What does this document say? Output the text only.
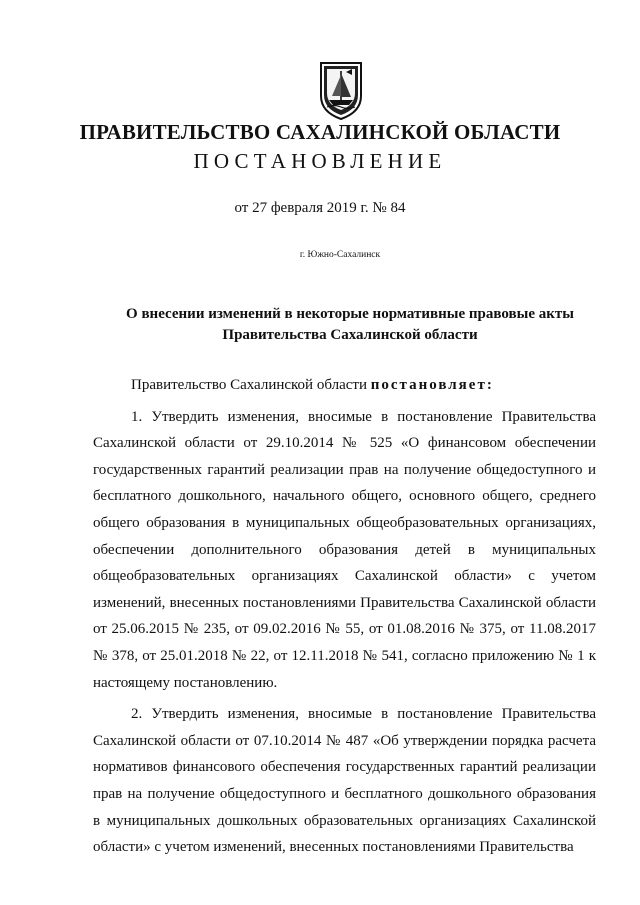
ПРАВИТЕЛЬСТВО САХАЛИНСКОЙ ОБЛАСТИ
ПОСТАНОВЛЕНИЕ
от 27 февраля 2019 г. № 84
г. Южно-Сахалинск
О внесении изменений в некоторые нормативные правовые акты
Правительства Сахалинской области

Правительство Сахалинской области постановляет:

1. Утвердить изменения, вносимые в постановление Правительства Сахалинской области от 29.10.2014 № 525 «О финансовом обеспечении государственных гарантий реализации прав на получение общедоступного и бесплатного дошкольного, начального общего, основного общего, среднего общего образования в муниципальных общеобразовательных организациях, обеспечении дополнительного образования детей в муниципальных общеобразовательных организациях Сахалинской области» с учетом изменений, внесенных постановлениями Правительства Сахалинской области от 25.06.2015 № 235, от 09.02.2016 № 55, от 01.08.2016 № 375, от 11.08.2017 № 378, от 25.01.2018 № 22, от 12.11.2018 № 541, согласно приложению № 1 к настоящему постановлению.

2. Утвердить изменения, вносимые в постановление Правительства Сахалинской области от 07.10.2014 № 487 «Об утверждении порядка расчета нормативов финансового обеспечения государственных гарантий реализации прав на получение общедоступного и бесплатного дошкольного образования в муниципальных дошкольных образовательных организациях Сахалинской области» с учетом изменений, внесенных постановлениями Правительства
